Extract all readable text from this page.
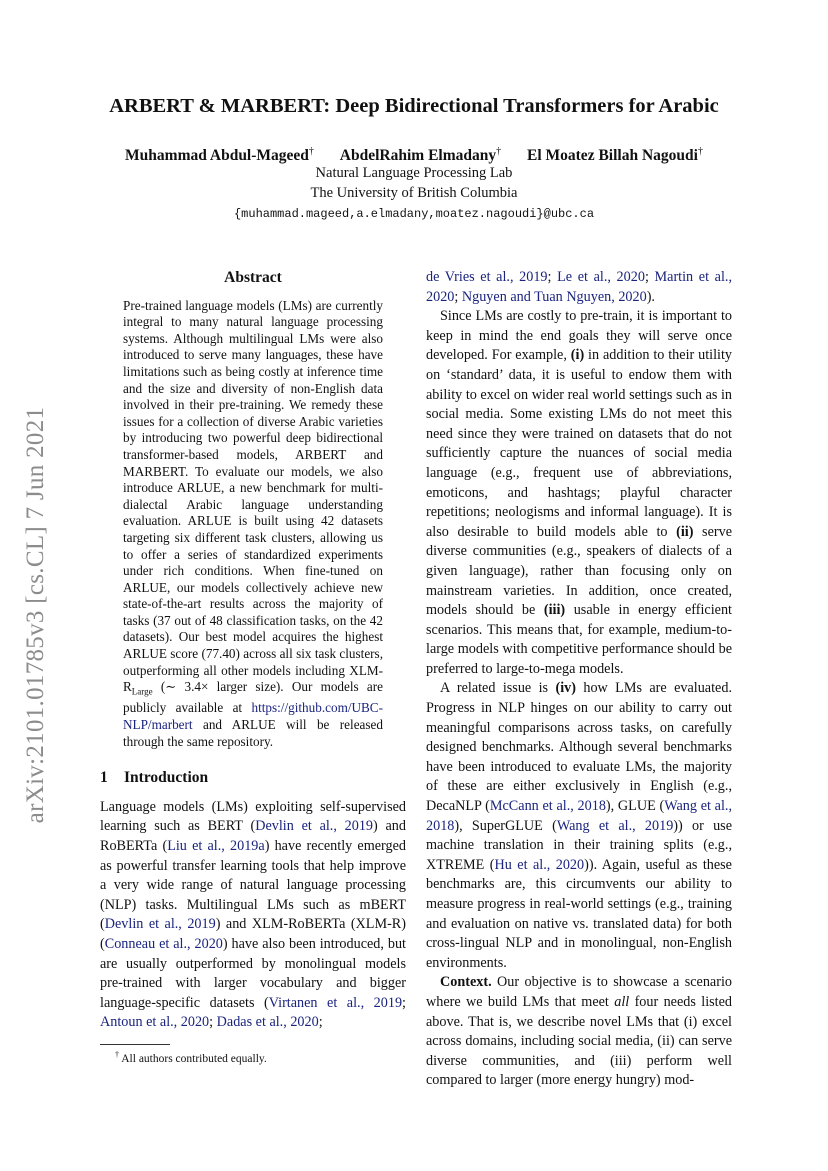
arXiv:2101.01785v3 [cs.CL] 7 Jun 2021
ARBERT & MARBERT: Deep Bidirectional Transformers for Arabic
Muhammad Abdul-Mageed† AbdelRahim Elmadany† El Moatez Billah Nagoudi†
Natural Language Processing Lab
The University of British Columbia
{muhammad.mageed,a.elmadany,moatez.nagoudi}@ubc.ca
Abstract
Pre-trained language models (LMs) are currently integral to many natural language processing systems. Although multilingual LMs were also introduced to serve many languages, these have limitations such as being costly at inference time and the size and diversity of non-English data involved in their pre-training. We remedy these issues for a collection of diverse Arabic varieties by introducing two powerful deep bidirectional transformer-based models, ARBERT and MARBERT. To evaluate our models, we also introduce ARLUE, a new benchmark for multi-dialectal Arabic language understanding evaluation. ARLUE is built using 42 datasets targeting six different task clusters, allowing us to offer a series of standardized experiments under rich conditions. When fine-tuned on ARLUE, our models collectively achieve new state-of-the-art results across the majority of tasks (37 out of 48 classification tasks, on the 42 datasets). Our best model acquires the highest ARLUE score (77.40) across all six task clusters, outperforming all other models including XLM-$R_{Large}$ (∼ 3.4× larger size). Our models are publicly available at https://github.com/UBC-NLP/marbert and ARLUE will be released through the same repository.
1 Introduction

Language models (LMs) exploiting self-supervised learning such as BERT (Devlin et al., 2019) and RoBERTa (Liu et al., 2019a) have recently emerged as powerful transfer learning tools that help improve a very wide range of natural language processing (NLP) tasks. Multilingual LMs such as mBERT (Devlin et al., 2019) and XLM-RoBERTa (XLM-R) (Conneau et al., 2020) have also been introduced, but are usually outperformed by monolingual models pre-trained with larger vocabulary and bigger language-specific datasets (Virtanen et al., 2019; Antoun et al., 2020; Dadas et al., 2020;

de Vries et al., 2019; Le et al., 2020; Martin et al., 2020; Nguyen and Tuan Nguyen, 2020).

Since LMs are costly to pre-train, it is important to keep in mind the end goals they will serve once developed. For example, (i) in addition to their utility on ‘standard’ data, it is useful to endow them with ability to excel on wider real world settings such as in social media. Some existing LMs do not meet this need since they were trained on datasets that do not sufficiently capture the nuances of social media language (e.g., frequent use of abbreviations, emoticons, and hashtags; playful character repetitions; neologisms and informal language). It is also desirable to build models able to (ii) serve diverse communities (e.g., speakers of dialects of a given language), rather than focusing only on mainstream varieties. In addition, once created, models should be (iii) usable in energy efficient scenarios. This means that, for example, medium-to-large models with competitive performance should be preferred to large-to-mega models.

A related issue is (iv) how LMs are evaluated. Progress in NLP hinges on our ability to carry out meaningful comparisons across tasks, on carefully designed benchmarks. Although several benchmarks have been introduced to evaluate LMs, the majority of these are either exclusively in English (e.g., DecaNLP (McCann et al., 2018), GLUE (Wang et al., 2018), SuperGLUE (Wang et al., 2019)) or use machine translation in their training splits (e.g., XTREME (Hu et al., 2020)). Again, useful as these benchmarks are, this circumvents our ability to measure progress in real-world settings (e.g., training and evaluation on native vs. translated data) for both cross-lingual NLP and in monolingual, non-English environments.

Context. Our objective is to showcase a scenario where we build LMs that meet all four needs listed above. That is, we describe novel LMs that (i) excel across domains, including social media, (ii) can serve diverse communities, and (iii) perform well compared to larger (more energy hungry) mod-

† All authors contributed equally.
